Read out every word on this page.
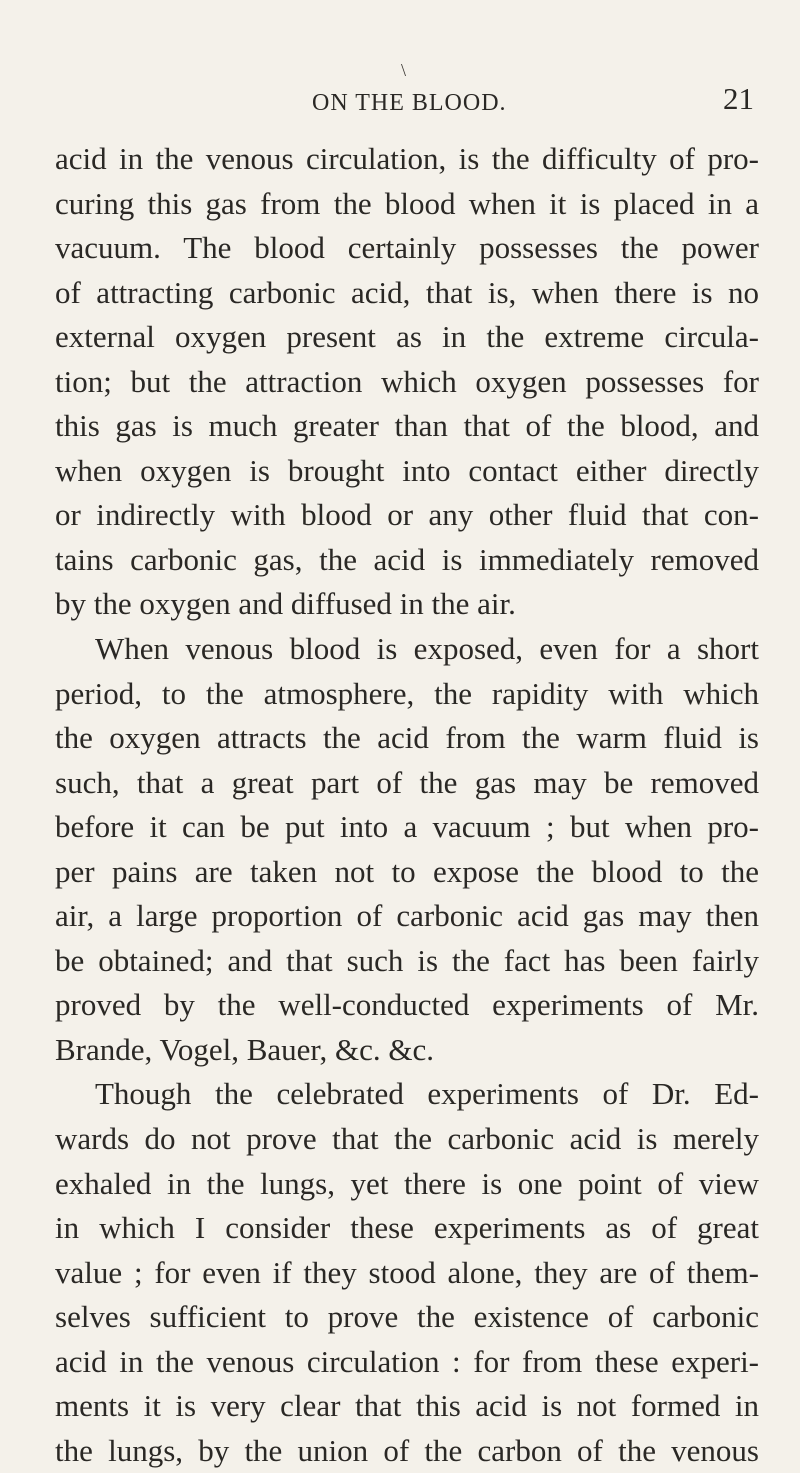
\
ON THE BLOOD.	21
acid in the venous circulation, is the difficulty of pro-
curing this gas from the blood when it is placed in a
vacuum. The blood certainly possesses the power
of attracting carbonic acid, that is, when there is no
external oxygen present as in the extreme circula-
tion; but the attraction which oxygen possesses for
this gas is much greater than that of the blood, and
when oxygen is brought into contact either directly
or indirectly with blood or any other fluid that con-
tains carbonic gas, the acid is immediately removed
by the oxygen and diffused in the air.
When venous blood is exposed, even for a short
period, to the atmosphere, the rapidity with which
the oxygen attracts the acid from the warm fluid is
such, that a great part of the gas may be removed
before it can be put into a vacuum ; but when pro-
per pains are taken not to expose the blood to the
air, a large proportion of carbonic acid gas may then
be obtained; and that such is the fact has been fairly
proved by the well-conducted experiments of Mr.
Brande, Vogel, Bauer, &c. &c.
Though the celebrated experiments of Dr. Ed-
wards do not prove that the carbonic acid is merely
exhaled in the lungs, yet there is one point of view
in which I consider these experiments as of great
value ; for even if they stood alone, they are of them-
selves sufficient to prove the existence of carbonic
acid in the venous circulation : for from these experi-
ments it is very clear that this acid is not formed in
the lungs, by the union of the carbon of the venous
